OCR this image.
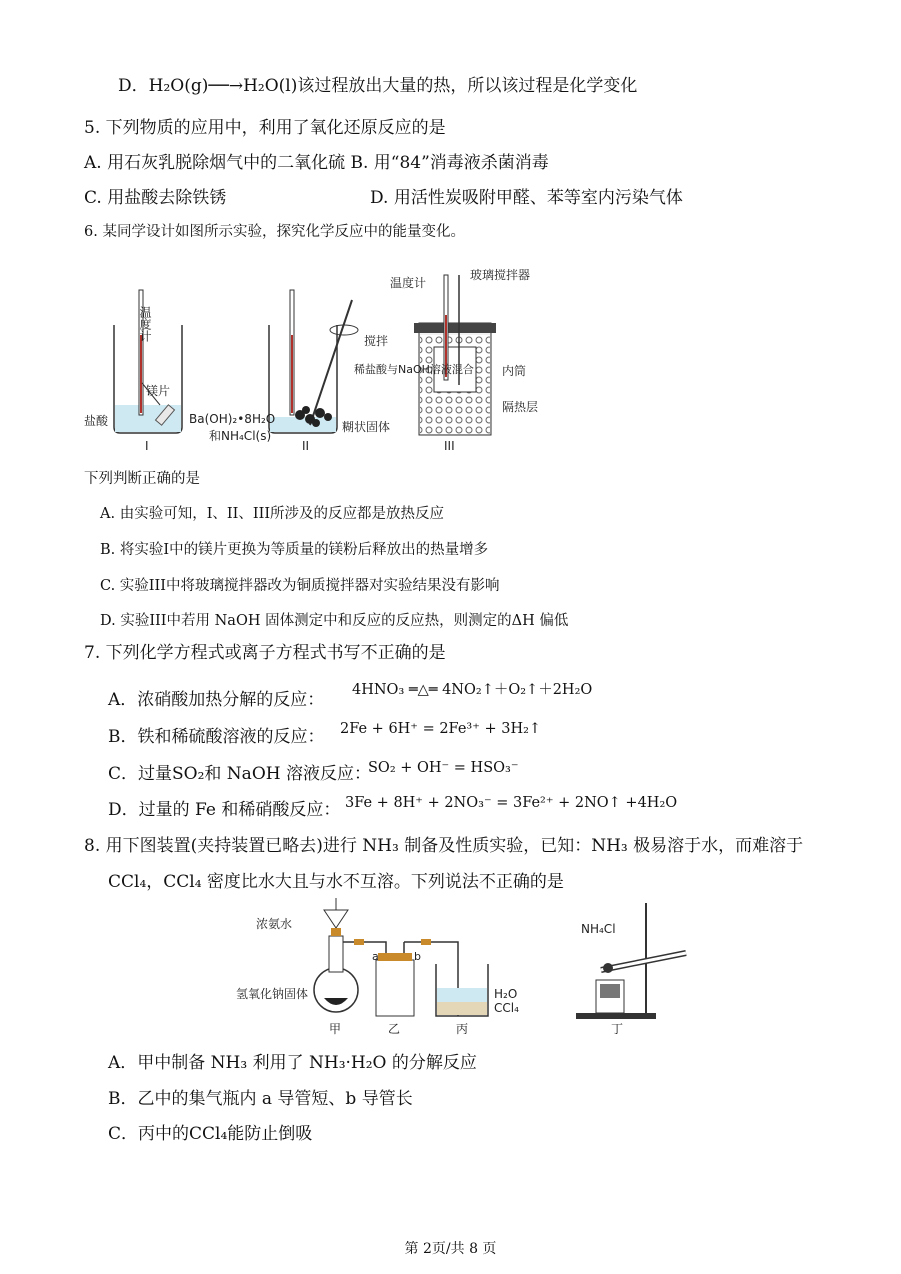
D．H₂O(g)──→H₂O(l)该过程放出大量的热，所以该过程是化学变化
5. 下列物质的应用中，利用了氧化还原反应的是
A. 用石灰乳脱除烟气中的二氧化硫 B. 用“84”消毒液杀菌消毒
C. 用盐酸去除铁锈	D. 用活性炭吸附甲醛、苯等室内污染气体
6. 某同学设计如图所示实验，探究化学反应中的能量变化。
温度计
镁片
盐酸
I
搅拌
Ba(OH)₂•8H₂O
和NH₄Cl(s)
糊状固体
II
温度计
玻璃搅拌器
稀盐酸与NaOH溶液混合 内筒
隔热层
III
下列判断正确的是
A. 由实验可知，I、II、III所涉及的反应都是放热反应
B. 将实验I中的镁片更换为等质量的镁粉后释放出的热量增多
C. 实验III中将玻璃搅拌器改为铜质搅拌器对实验结果没有影响
D. 实验III中若用 NaOH 固体测定中和反应的反应热，则测定的ΔH 偏低
7. 下列化学方程式或离子方程式书写不正确的是
A．浓硝酸加热分解的反应： 4HNO₃ ═△═ 4NO₂↑＋O₂↑＋2H₂O
B．铁和稀硫酸溶液的反应： 2Fe + 6H⁺ = 2Fe³⁺ + 3H₂↑
C．过量SO₂和 NaOH 溶液反应：
SO₂ + OH⁻ = HSO₃⁻
D．过量的 Fe 和稀硝酸反应： 3Fe + 8H⁺ + 2NO₃⁻ = 3Fe²⁺ + 2NO↑ +4H₂O
8. 用下图装置(夹持装置已略去)进行 NH₃ 制备及性质实验，已知：NH₃ 极易溶于水，而难溶于
CCl₄，CCl₄ 密度比水大且与水不互溶。下列说法不正确的是
浓氨水
氢氧化钠固体
a	b
H₂O
CCl₄
NH₄Cl
甲	乙	丙	丁
A．甲中制备 NH₃ 利用了 NH₃·H₂O 的分解反应
B．乙中的集气瓶内 a 导管短、b 导管长
C．丙中的CCl₄能防止倒吸
第 2页/共 8 页
